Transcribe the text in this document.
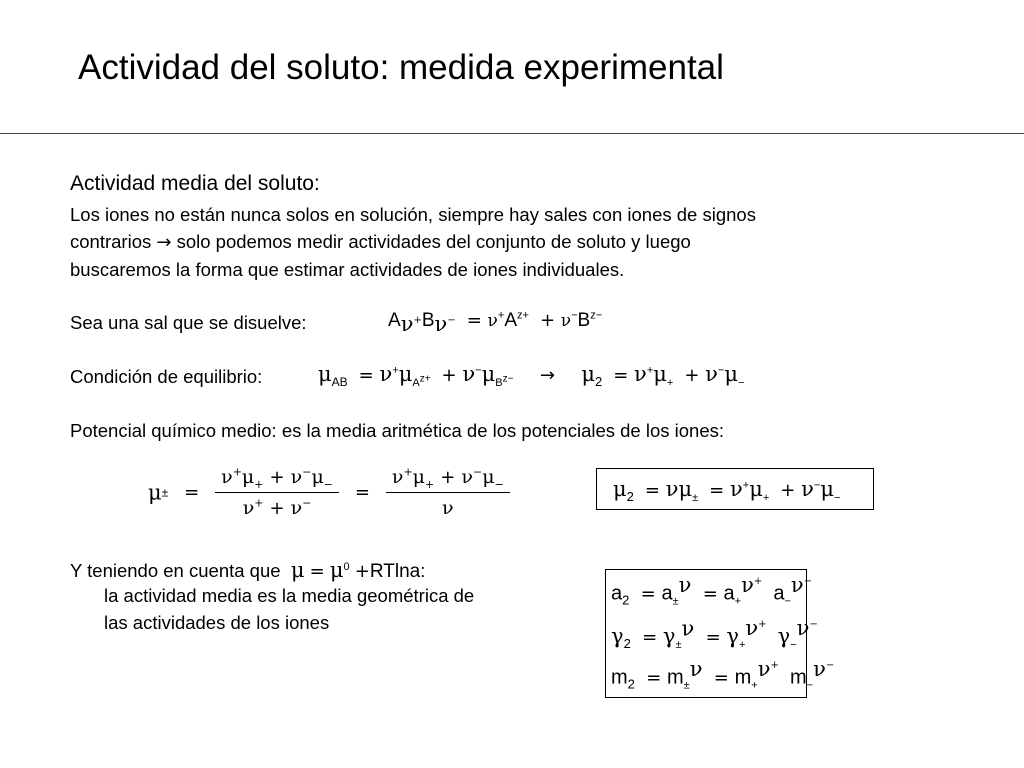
Actividad del soluto: medida experimental
Actividad media del soluto:
Los iones no están nunca solos en solución, siempre hay sales con iones de signos
contrarios → solo podemos medir actividades del conjunto de soluto y luego
buscaremos la forma que estimar actividades de iones individuales.
Sea una sal que se disuelve:	$A_{\nu^+}B_{\nu^-} = \nu^+A^{z+} + \nu^-B^{z-}$
Condición de equilibrio:	$\mu_{AB} = \nu^+\mu_{A^{z+}} + \nu^-\mu_{B^{z-}} \to \mu_2 = \nu^+\mu_+ + \nu^-\mu_-$
Potencial químico medio: es la media aritmética de los potenciales de los iones:
$\mu\pm = \frac{\nu^+\mu_+ + \nu^-\mu_-}{\nu^+ + \nu^-} = \frac{\nu^+\mu_+ + \nu^-\mu_-}{\nu}$	$\mu_2 = \nu\mu_\pm = \nu^+\mu_+ + \nu^-\mu_-$
Y teniendo en cuenta que $\mu = \mu^0 +RTlna$:
la actividad media es la media geométrica de
las actividades de los iones
$a_2 = a_\pm^\nu = a_+^{\nu^+}$  $a_-^{\nu^-}$
$\gamma_2 = \gamma_\pm^\nu = \gamma_+^{\nu^+}$ $\gamma_-^{\nu^-}$
$m_2 = m_\pm^\nu = m_+^{\nu^+}$  $m_-^{\nu^-}$
